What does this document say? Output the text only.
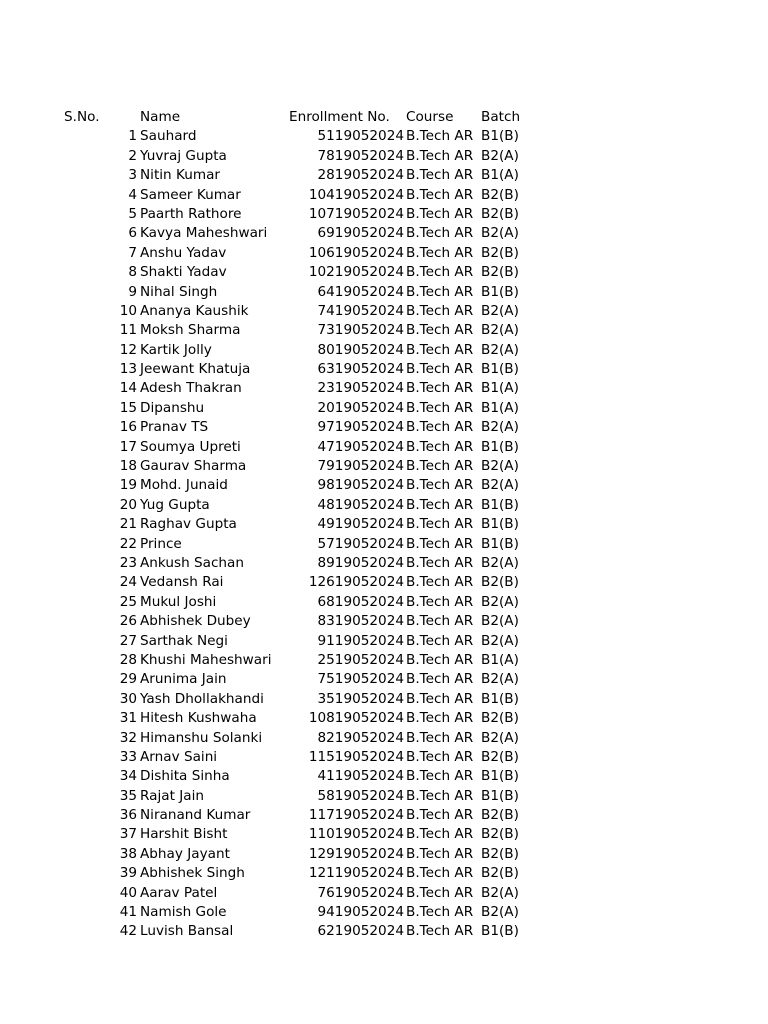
S.No.	Name	Enrollment No. Course Batch
1 Sauhard	5119052024 B.Tech AR B1(B)
2 Yuvraj Gupta	7819052024 B.Tech AR B2(A)
3 Nitin Kumar	2819052024 B.Tech AR B1(A)
4 Sameer Kumar	10419052024 B.Tech AR B2(B)
5 Paarth Rathore	10719052024 B.Tech AR B2(B)
6 Kavya Maheshwari	6919052024 B.Tech AR B2(A)
7 Anshu Yadav	10619052024 B.Tech AR B2(B)
8 Shakti Yadav	10219052024 B.Tech AR B2(B)
9 Nihal Singh	6419052024 B.Tech AR B1(B)
10 Ananya Kaushik	7419052024 B.Tech AR B2(A)
11 Moksh Sharma	7319052024 B.Tech AR B2(A)
12 Kartik Jolly	8019052024 B.Tech AR B2(A)
13 Jeewant Khatuja	6319052024 B.Tech AR B1(B)
14 Adesh Thakran	2319052024 B.Tech AR B1(A)
15 Dipanshu	2019052024 B.Tech AR B1(A)
16 Pranav TS	9719052024 B.Tech AR B2(A)
17 Soumya Upreti	4719052024 B.Tech AR B1(B)
18 Gaurav Sharma	7919052024 B.Tech AR B2(A)
19 Mohd. Junaid	9819052024 B.Tech AR B2(A)
20 Yug Gupta	4819052024 B.Tech AR B1(B)
21 Raghav Gupta	4919052024 B.Tech AR B1(B)
22 Prince	5719052024 B.Tech AR B1(B)
23 Ankush Sachan	8919052024 B.Tech AR B2(A)
24 Vedansh Rai	12619052024 B.Tech AR B2(B)
25 Mukul Joshi	6819052024 B.Tech AR B2(A)
26 Abhishek Dubey	8319052024 B.Tech AR B2(A)
27 Sarthak Negi	9119052024 B.Tech AR B2(A)
28 Khushi Maheshwari	2519052024 B.Tech AR B1(A)
29 Arunima Jain	7519052024 B.Tech AR B2(A)
30 Yash Dhollakhandi	3519052024 B.Tech AR B1(B)
31 Hitesh Kushwaha	10819052024 B.Tech AR B2(B)
32 Himanshu Solanki	8219052024 B.Tech AR B2(A)
33 Arnav Saini	11519052024 B.Tech AR B2(B)
34 Dishita Sinha	4119052024 B.Tech AR B1(B)
35 Rajat Jain	5819052024 B.Tech AR B1(B)
36 Niranand Kumar	11719052024 B.Tech AR B2(B)
37 Harshit Bisht	11019052024 B.Tech AR B2(B)
38 Abhay Jayant	12919052024 B.Tech AR B2(B)
39 Abhishek Singh	12119052024 B.Tech AR B2(B)
40 Aarav Patel	7619052024 B.Tech AR B2(A)
41 Namish Gole	9419052024 B.Tech AR B2(A)
42 Luvish Bansal	6219052024 B.Tech AR B1(B)
